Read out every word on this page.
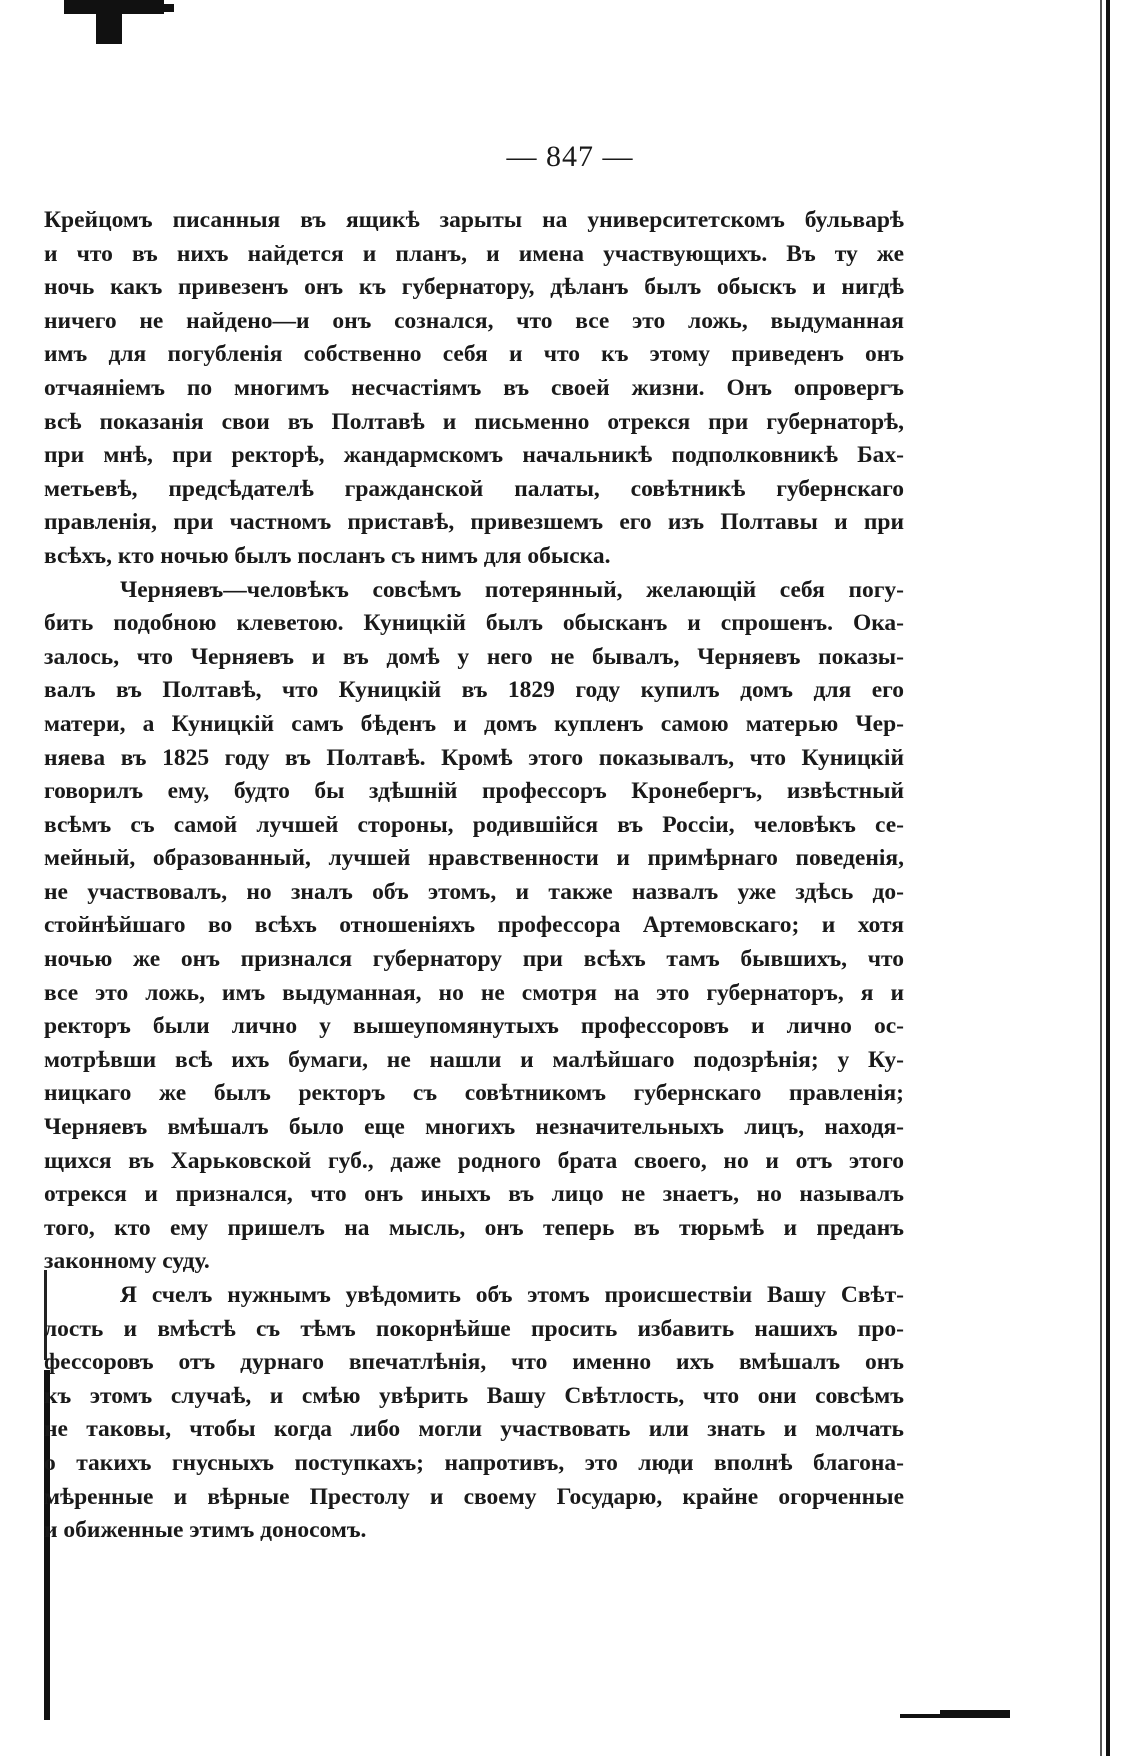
— 847 —
Крейцомъ писанныя въ ящикѣ зарыты на университетскомъ бульварѣ
и что въ нихъ найдется и планъ, и имена участвующихъ. Въ ту же
ночь какъ привезенъ онъ къ губернатору, дѣланъ былъ обыскъ и нигдѣ
ничего не найдено—и онъ сознался, что все это ложь, выдуманная
имъ для погубленія собственно себя и что къ этому приведенъ онъ
отчаяніемъ по многимъ несчастіямъ въ своей жизни. Онъ опровергъ
всѣ показанія свои въ Полтавѣ и письменно отрекся при губернаторѣ,
при мнѣ, при ректорѣ, жандармскомъ начальникѣ подполковникѣ Бах-
метьевѣ, предсѣдателѣ гражданской палаты, совѣтникѣ губернскаго
правленія, при частномъ приставѣ, привезшемъ его изъ Полтавы и при
всѣхъ, кто ночью былъ посланъ съ нимъ для обыска.
Черняевъ—человѣкъ совсѣмъ потерянный, желающій себя погу-
бить подобною клеветою. Куницкій былъ обысканъ и спрошенъ. Ока-
залось, что Черняевъ и въ домѣ у него не бывалъ, Черняевъ показы-
валъ въ Полтавѣ, что Куницкій въ 1829 году купилъ домъ для его
матери, а Куницкій самъ бѣденъ и домъ купленъ самою матерью Чер-
няева въ 1825 году въ Полтавѣ. Кромѣ этого показывалъ, что Куницкій
говорилъ ему, будто бы здѣшній профессоръ Кронебергъ, извѣстный
всѣмъ съ самой лучшей стороны, родившійся въ Россіи, человѣкъ се-
мейный, образованный, лучшей нравственности и примѣрнаго поведенія,
не участвовалъ, но зналъ объ этомъ, и также назвалъ уже здѣсь до-
стойнѣйшаго во всѣхъ отношеніяхъ профессора Артемовскаго; и хотя
ночью же онъ признался губернатору при всѣхъ тамъ бывшихъ, что
все это ложь, имъ выдуманная, но не смотря на это губернаторъ, я и
ректоръ были лично у вышеупомянутыхъ профессоровъ и лично ос-
мотрѣвши всѣ ихъ бумаги, не нашли и малѣйшаго подозрѣнія; у Ку-
ницкаго же былъ ректоръ съ совѣтникомъ губернскаго правленія;
Черняевъ вмѣшалъ было еще многихъ незначительныхъ лицъ, находя-
щихся въ Харьковской губ., даже родного брата своего, но и отъ этого
отрекся и признался, что онъ иныхъ въ лицо не знаетъ, но называлъ
того, кто ему пришелъ на мысль, онъ теперь въ тюрьмѣ и преданъ
законному суду.
Я счелъ нужнымъ увѣдомить объ этомъ происшествіи Вашу Свѣт-
лость и вмѣстѣ съ тѣмъ покорнѣйше просить избавить нашихъ про-
фессоровъ отъ дурнаго впечатлѣнія, что именно ихъ вмѣшалъ онъ
къ этомъ случаѣ, и смѣю увѣрить Вашу Свѣтлость, что они совсѣмъ
не таковы, чтобы когда либо могли участвовать или знать и молчать
о такихъ гнусныхъ поступкахъ; напротивъ, это люди вполнѣ благона-
мѣренные и вѣрные Престолу и своему Государю, крайне огорченные
и обиженные этимъ доносомъ.
